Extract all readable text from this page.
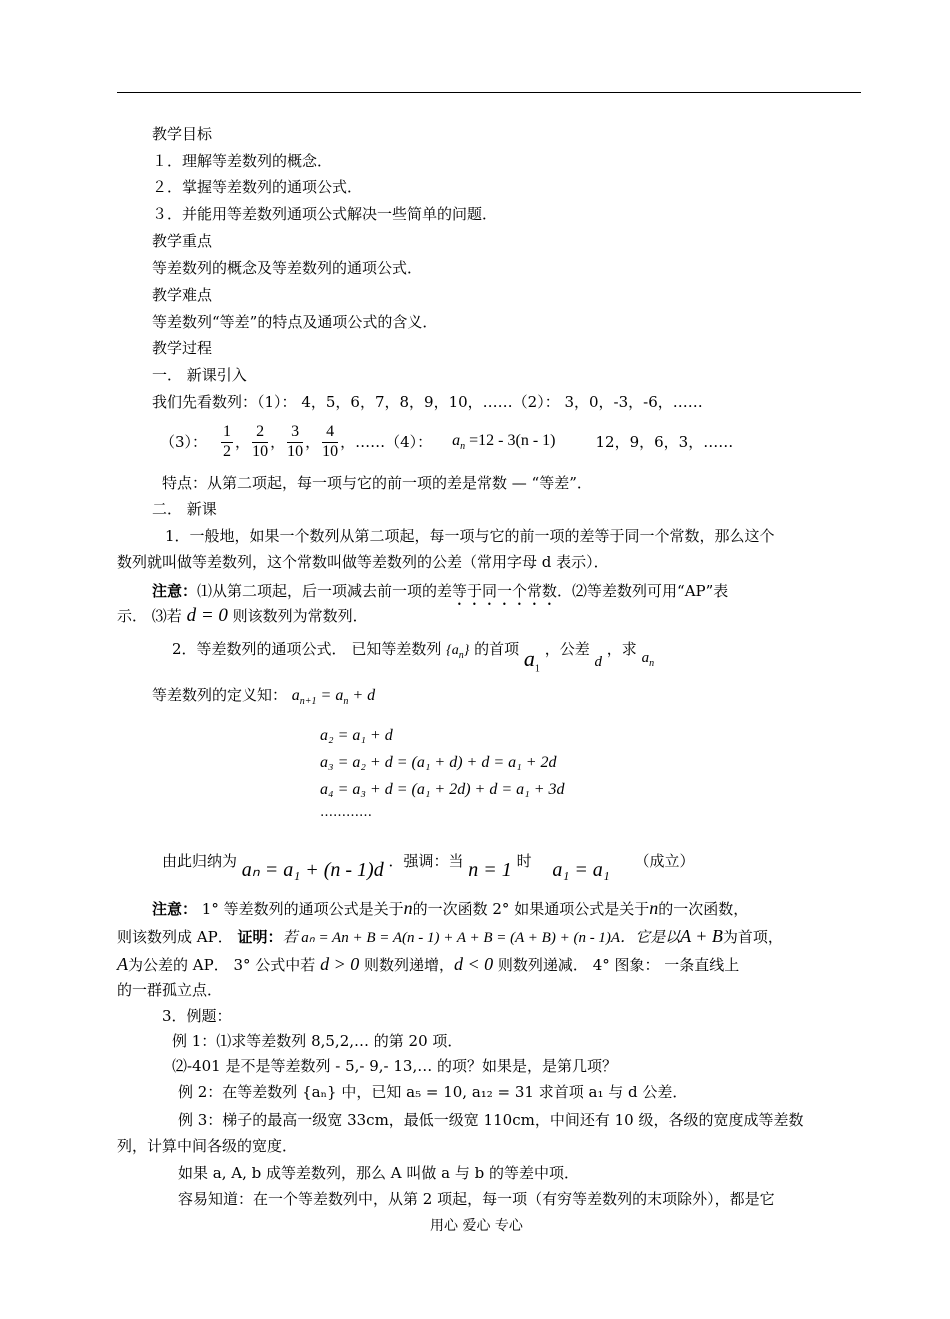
教学目标
１．理解等差数列的概念．
２．掌握等差数列的通项公式．
３．并能用等差数列通项公式解决一些简单的问题．
教学重点
等差数列的概念及等差数列的通项公式．
教学难点
等差数列“等差”的特点及通项公式的含义．
教学过程
一． 新课引入
我们先看数列：（1）： 4，5，6，7，8，9，10，……（2）： 3，0，-3，-6，……
（3）： $\frac{1}{2}$ ， $\frac{2}{10}$ ， $\frac{3}{10}$ ， $\frac{4}{10}$ ，……（4）： $a_n =12 - 3(n - 1)$	12，9，6，3，……
特点：从第二项起，每一项与它的前一项的差是常数 — “等差”．
二． 新课
1．一般地，如果一个数列从第二项起，每一项与它的前一项的差等于同一个常数，那么这个
数列就叫做等差数列，这个常数叫做等差数列的公差（常用字母 d 表示）．
注意：⑴从第二项起，后一项减去前一项的差等于同一个常数．⑵等差数列可用“AP”表
示． ⑶若 d = 0 则该数列为常数列．
2．等差数列的通项公式． 已知等差数列 $\{a_n\}$ 的首项 $a_1$ ，公差 d ，求 $a_n$
等差数列的定义知： $a_{n+1} = a_n + d$
a₂ = a₁ + d
a₃ = a₂ + d = (a₁ + d) + d = a₁ + 2d
a₄ = a₃ + d = (a₁ + 2d) + d = a₁ + 3d
…………
由此归纳为 aₙ = a₁ + (n - 1)d ．强调：当 n = 1 时 a₁ = a₁ （成立）
注意： 1° 等差数列的通项公式是关于n的一次函数 2° 如果通项公式是关于n的一次函数，
则该数列成 AP． 证明：若 aₙ = An + B = A(n - 1) + A + B = (A + B) + (n - 1)A．它是以A + B为首项，
A为公差的 AP． 3° 公式中若 d > 0 则数列递增，d < 0 则数列递减． 4° 图象： 一条直线上
的一群孤立点．
3．例题：
例 1：⑴求等差数列 8,5,2,… 的第 20 项．
⑵-401 是不是等差数列 - 5,- 9,- 13,… 的项？如果是，是第几项？
例 2：在等差数列 {aₙ} 中，已知 a₅ = 10, a₁₂ = 31 求首项 a₁ 与 d 公差．
例 3：梯子的最高一级宽 33cm，最低一级宽 110cm，中间还有 10 级，各级的宽度成等差数
列，计算中间各级的宽度．
如果 a, A, b 成等差数列，那么 A 叫做 a 与 b 的等差中项．
容易知道：在一个等差数列中，从第 2 项起，每一项（有穷等差数列的末项除外），都是它
用心 爱心 专心
